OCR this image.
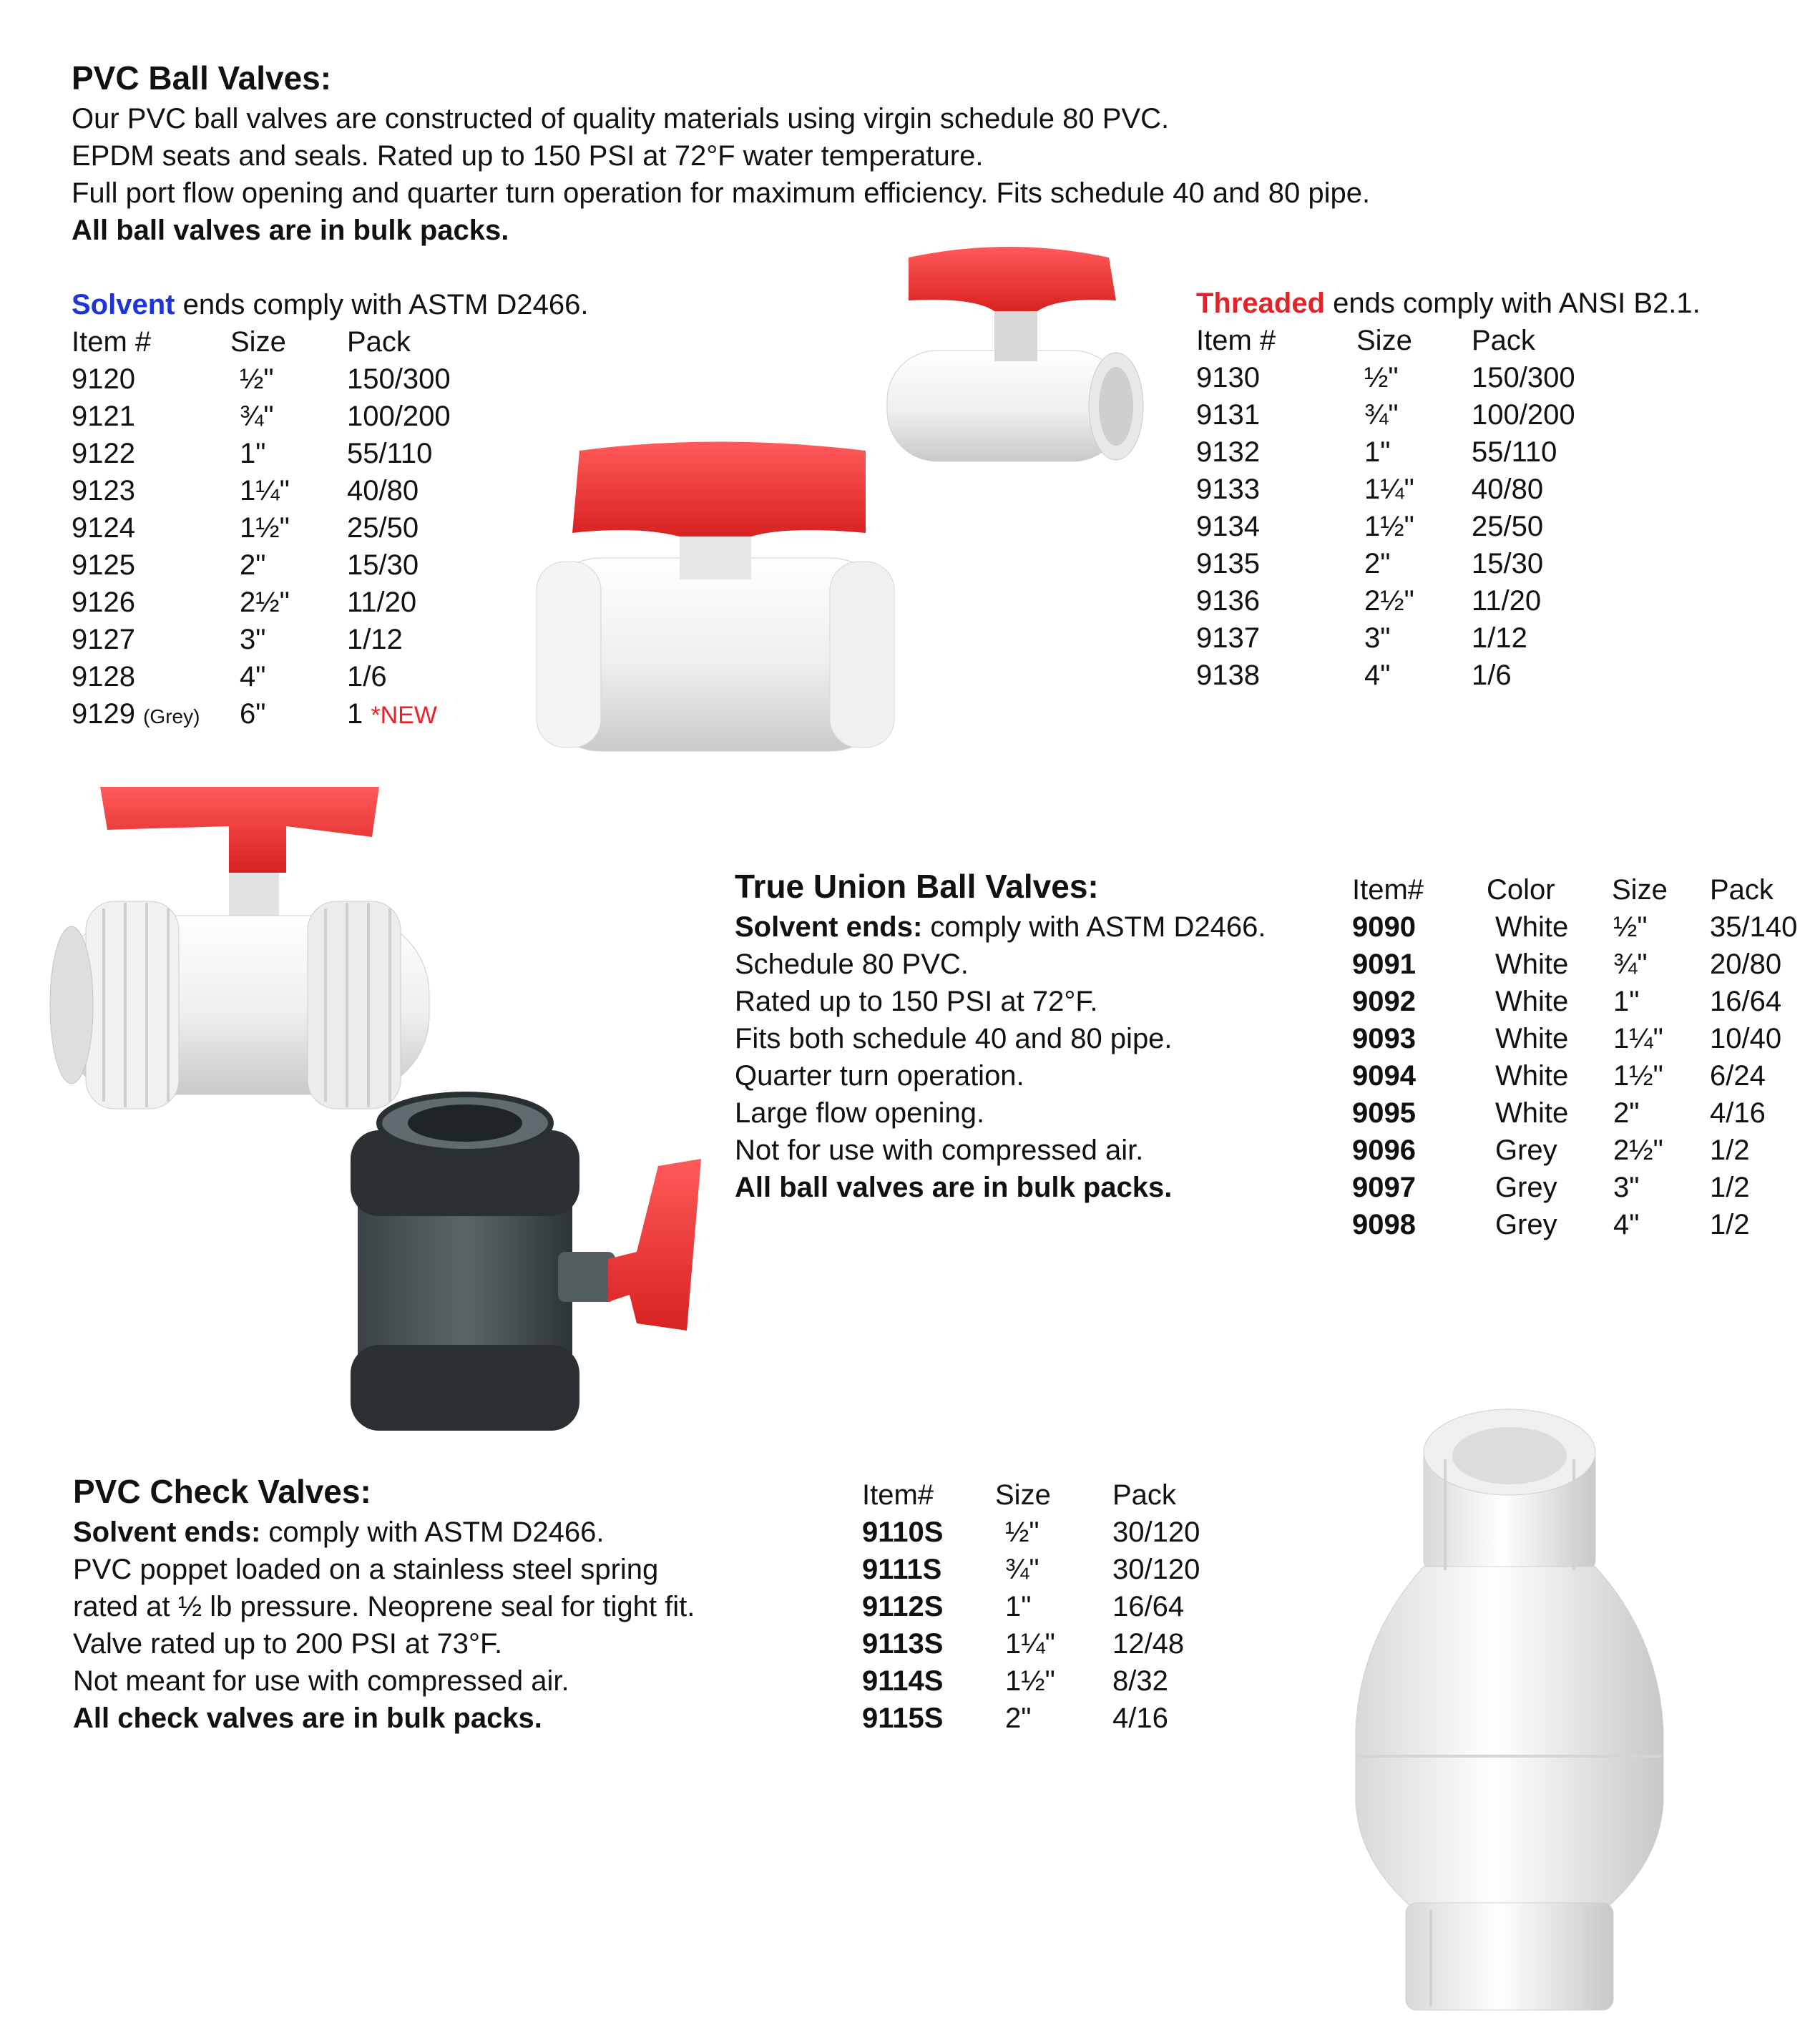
PVC Ball Valves:
Our PVC ball valves are constructed of quality materials using virgin schedule 80 PVC.
EPDM seats and seals. Rated up to 150 PSI at 72°F water temperature.
Full port flow opening and quarter turn operation for maximum efficiency. Fits schedule 40 and 80 pipe.
All ball valves are in bulk packs.
Solvent ends comply with ASTM D2466.
Item #	Size Pack
9120	½"	150/300
9121	¾"	100/200
9122	1"	55/110
9123	1¼" 40/80
9124	1½" 25/50
9125	2"	15/30
9126	2½" 11/20
9127	3"	1/12
9128	4"	1/6
9129 (Grey) 6"	1 *NEW
Threaded ends comply with ANSI B2.1.
Item #	Size Pack
9130	½"	150/300
9131	¾"	100/200
9132	1"	55/110
9133	1¼" 40/80
9134	1½" 25/50
9135	2"	15/30
9136	2½" 11/20
9137	3"	1/12
9138	4"	1/6
True Union Ball Valves:
Solvent ends: comply with ASTM D2466.
Schedule 80 PVC.
Rated up to 150 PSI at 72°F.
Fits both schedule 40 and 80 pipe.
Quarter turn operation.
Large flow opening.
Not for use with compressed air.
All ball valves are in bulk packs.
Item# Color Size Pack
9090	White ½" 35/140
9091	White ¾" 20/80
9092	White 1" 16/64
9093	White 1¼" 10/40
9094	White 1½" 6/24
9095	White 2" 4/16
9096	Grey 2½" 1/2
9097	Grey 3" 1/2
9098	Grey 4" 1/2
PVC Check Valves:
Solvent ends: comply with ASTM D2466.
PVC poppet loaded on a stainless steel spring
rated at ½ lb pressure. Neoprene seal for tight fit.
Valve rated up to 200 PSI at 73°F.
Not meant for use with compressed air.
All check valves are in bulk packs.
Item# Size Pack
9110S ½"	30/120
9111S ¾"	30/120
9112S 1"	16/64
9113S 1¼" 12/48
9114S 1½" 8/32
9115S 2"	4/16
